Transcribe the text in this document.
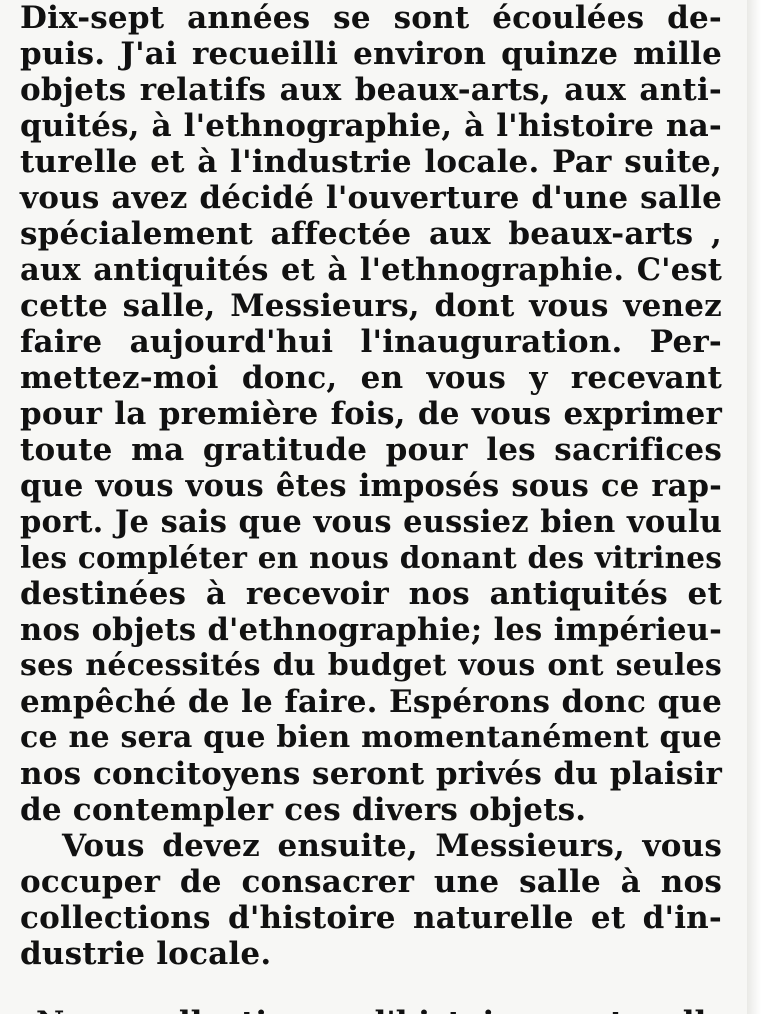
Dix-sept années se sont écoulées de-
puis. J'ai recueilli environ quinze mille
objets relatifs aux beaux-arts, aux anti-
quités, à l'ethnographie, à l'histoire na-
turelle et à l'industrie locale. Par suite,
vous avez décidé l'ouverture d'une salle
spécialement affectée aux beaux-arts ,
aux antiquités et à l'ethnographie. C'est
cette salle, Messieurs, dont vous venez
faire aujourd'hui l'inauguration. Per-
mettez-moi donc, en vous y recevant
pour la première fois, de vous exprimer
toute ma gratitude pour les sacrifices
que vous vous êtes imposés sous ce rap-
port. Je sais que vous eussiez bien voulu
les compléter en nous donant des vitrines
destinées à recevoir nos antiquités et
nos objets d'ethnographie; les impérieu-
ses nécessités du budget vous ont seules
empêché de le faire. Espérons donc que
ce ne sera que bien momentanément que
nos concitoyens seront privés du plaisir
de contempler ces divers objets.
Vous devez ensuite, Messieurs, vous
occuper de consacrer une salle à nos
collections d'histoire naturelle et d'in-
dustrie locale.
